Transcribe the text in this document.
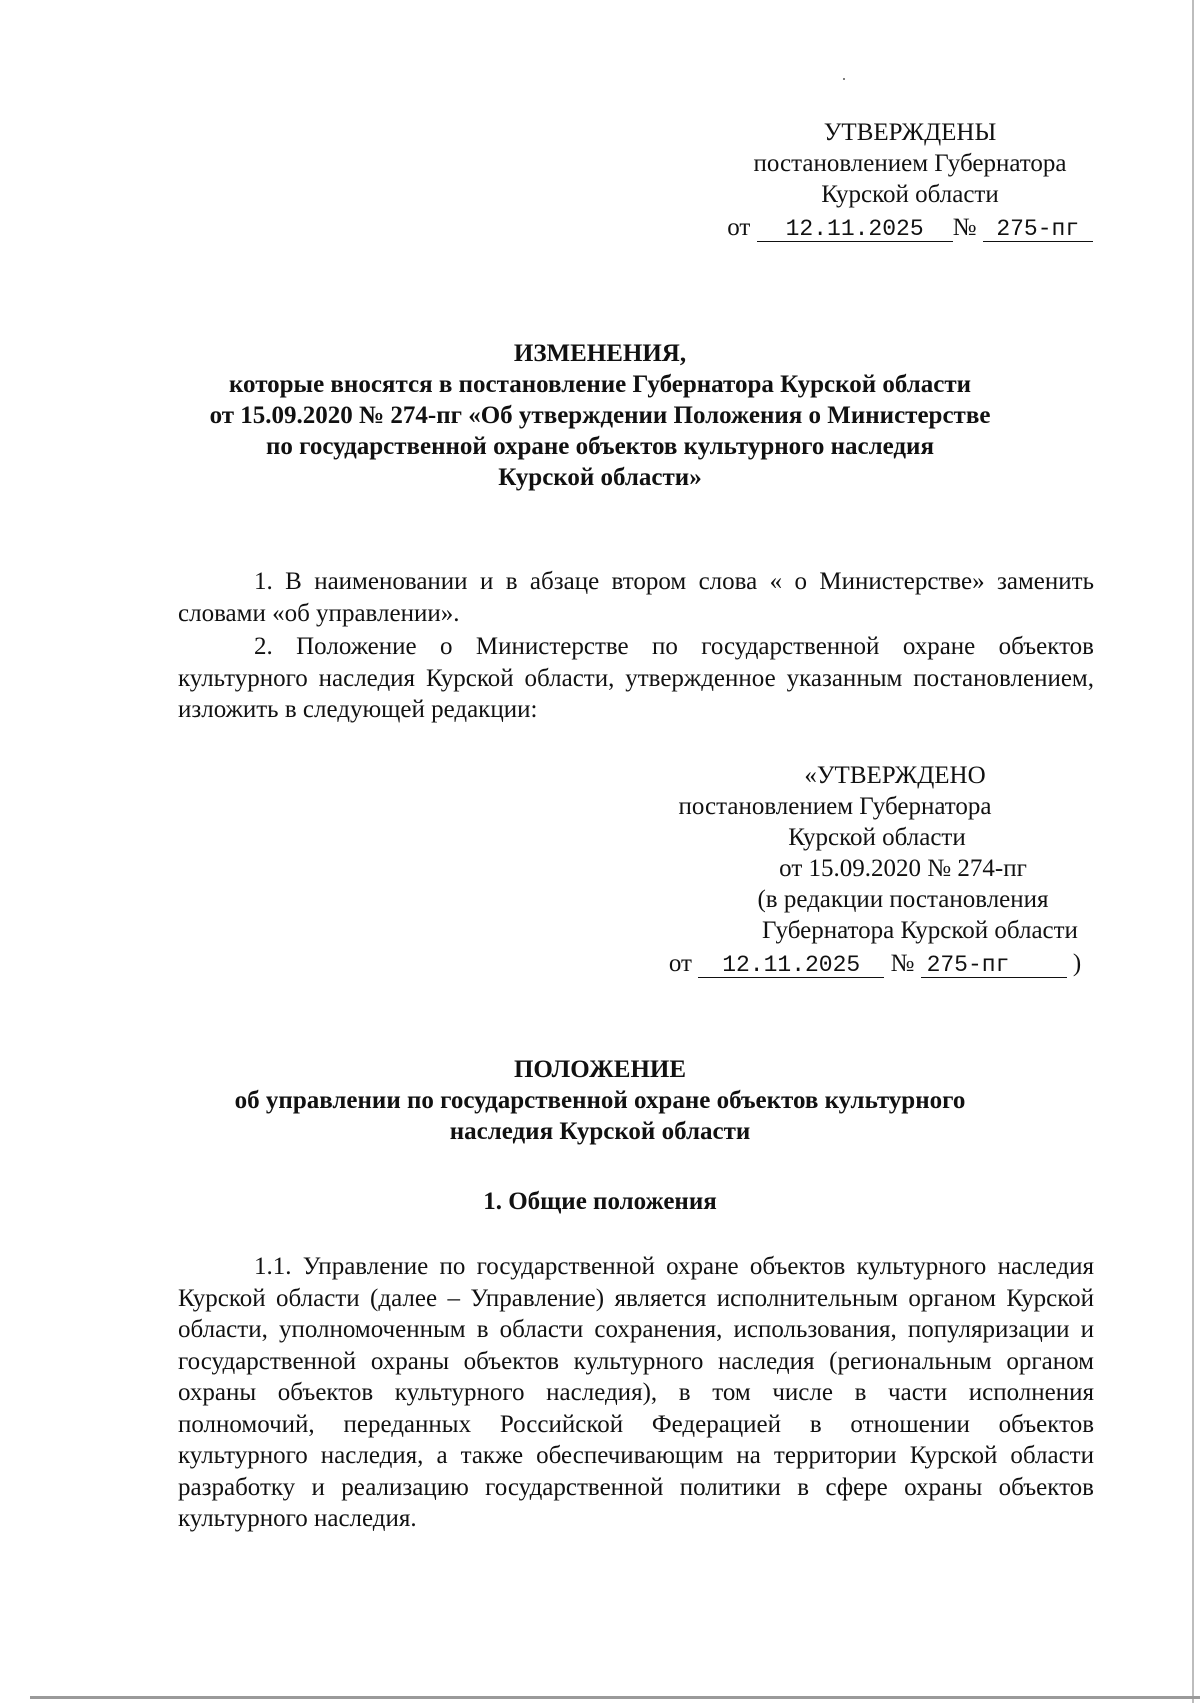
УТВЕРЖДЕНЫ
постановлением Губернатора
Курской области
от 12.11.2025 № 275-пг
ИЗМЕНЕНИЯ,
которые вносятся в постановление Губернатора Курской области
от 15.09.2020 № 274-пг «Об утверждении Положения о Министерстве
по государственной охране объектов культурного наследия
Курской области»
1. В наименовании и в абзаце втором слова « о Министерстве» заменить словами «об управлении».
2. Положение о Министерстве по государственной охране объектов культурного наследия Курской области, утвержденное указанным постановлением, изложить в следующей редакции:
«УТВЕРЖДЕНО
постановлением Губернатора
Курской области
от 15.09.2020 № 274-пг
(в редакции постановления
Губернатора Курской области
от 12.11.2025 № 275-пг	)
ПОЛОЖЕНИЕ
об управлении по государственной охране объектов культурного
наследия Курской области
1. Общие положения
1.1. Управление по государственной охране объектов культурного наследия Курской области (далее – Управление) является исполнительным органом Курской области, уполномоченным в области сохранения, использования, популяризации и государственной охраны объектов культурного наследия (региональным органом охраны объектов культурного наследия), в том числе в части исполнения полномочий, переданных Российской Федерацией в отношении объектов культурного наследия, а также обеспечивающим на территории Курской области разработку и реализацию государственной политики в сфере охраны объектов культурного наследия.
